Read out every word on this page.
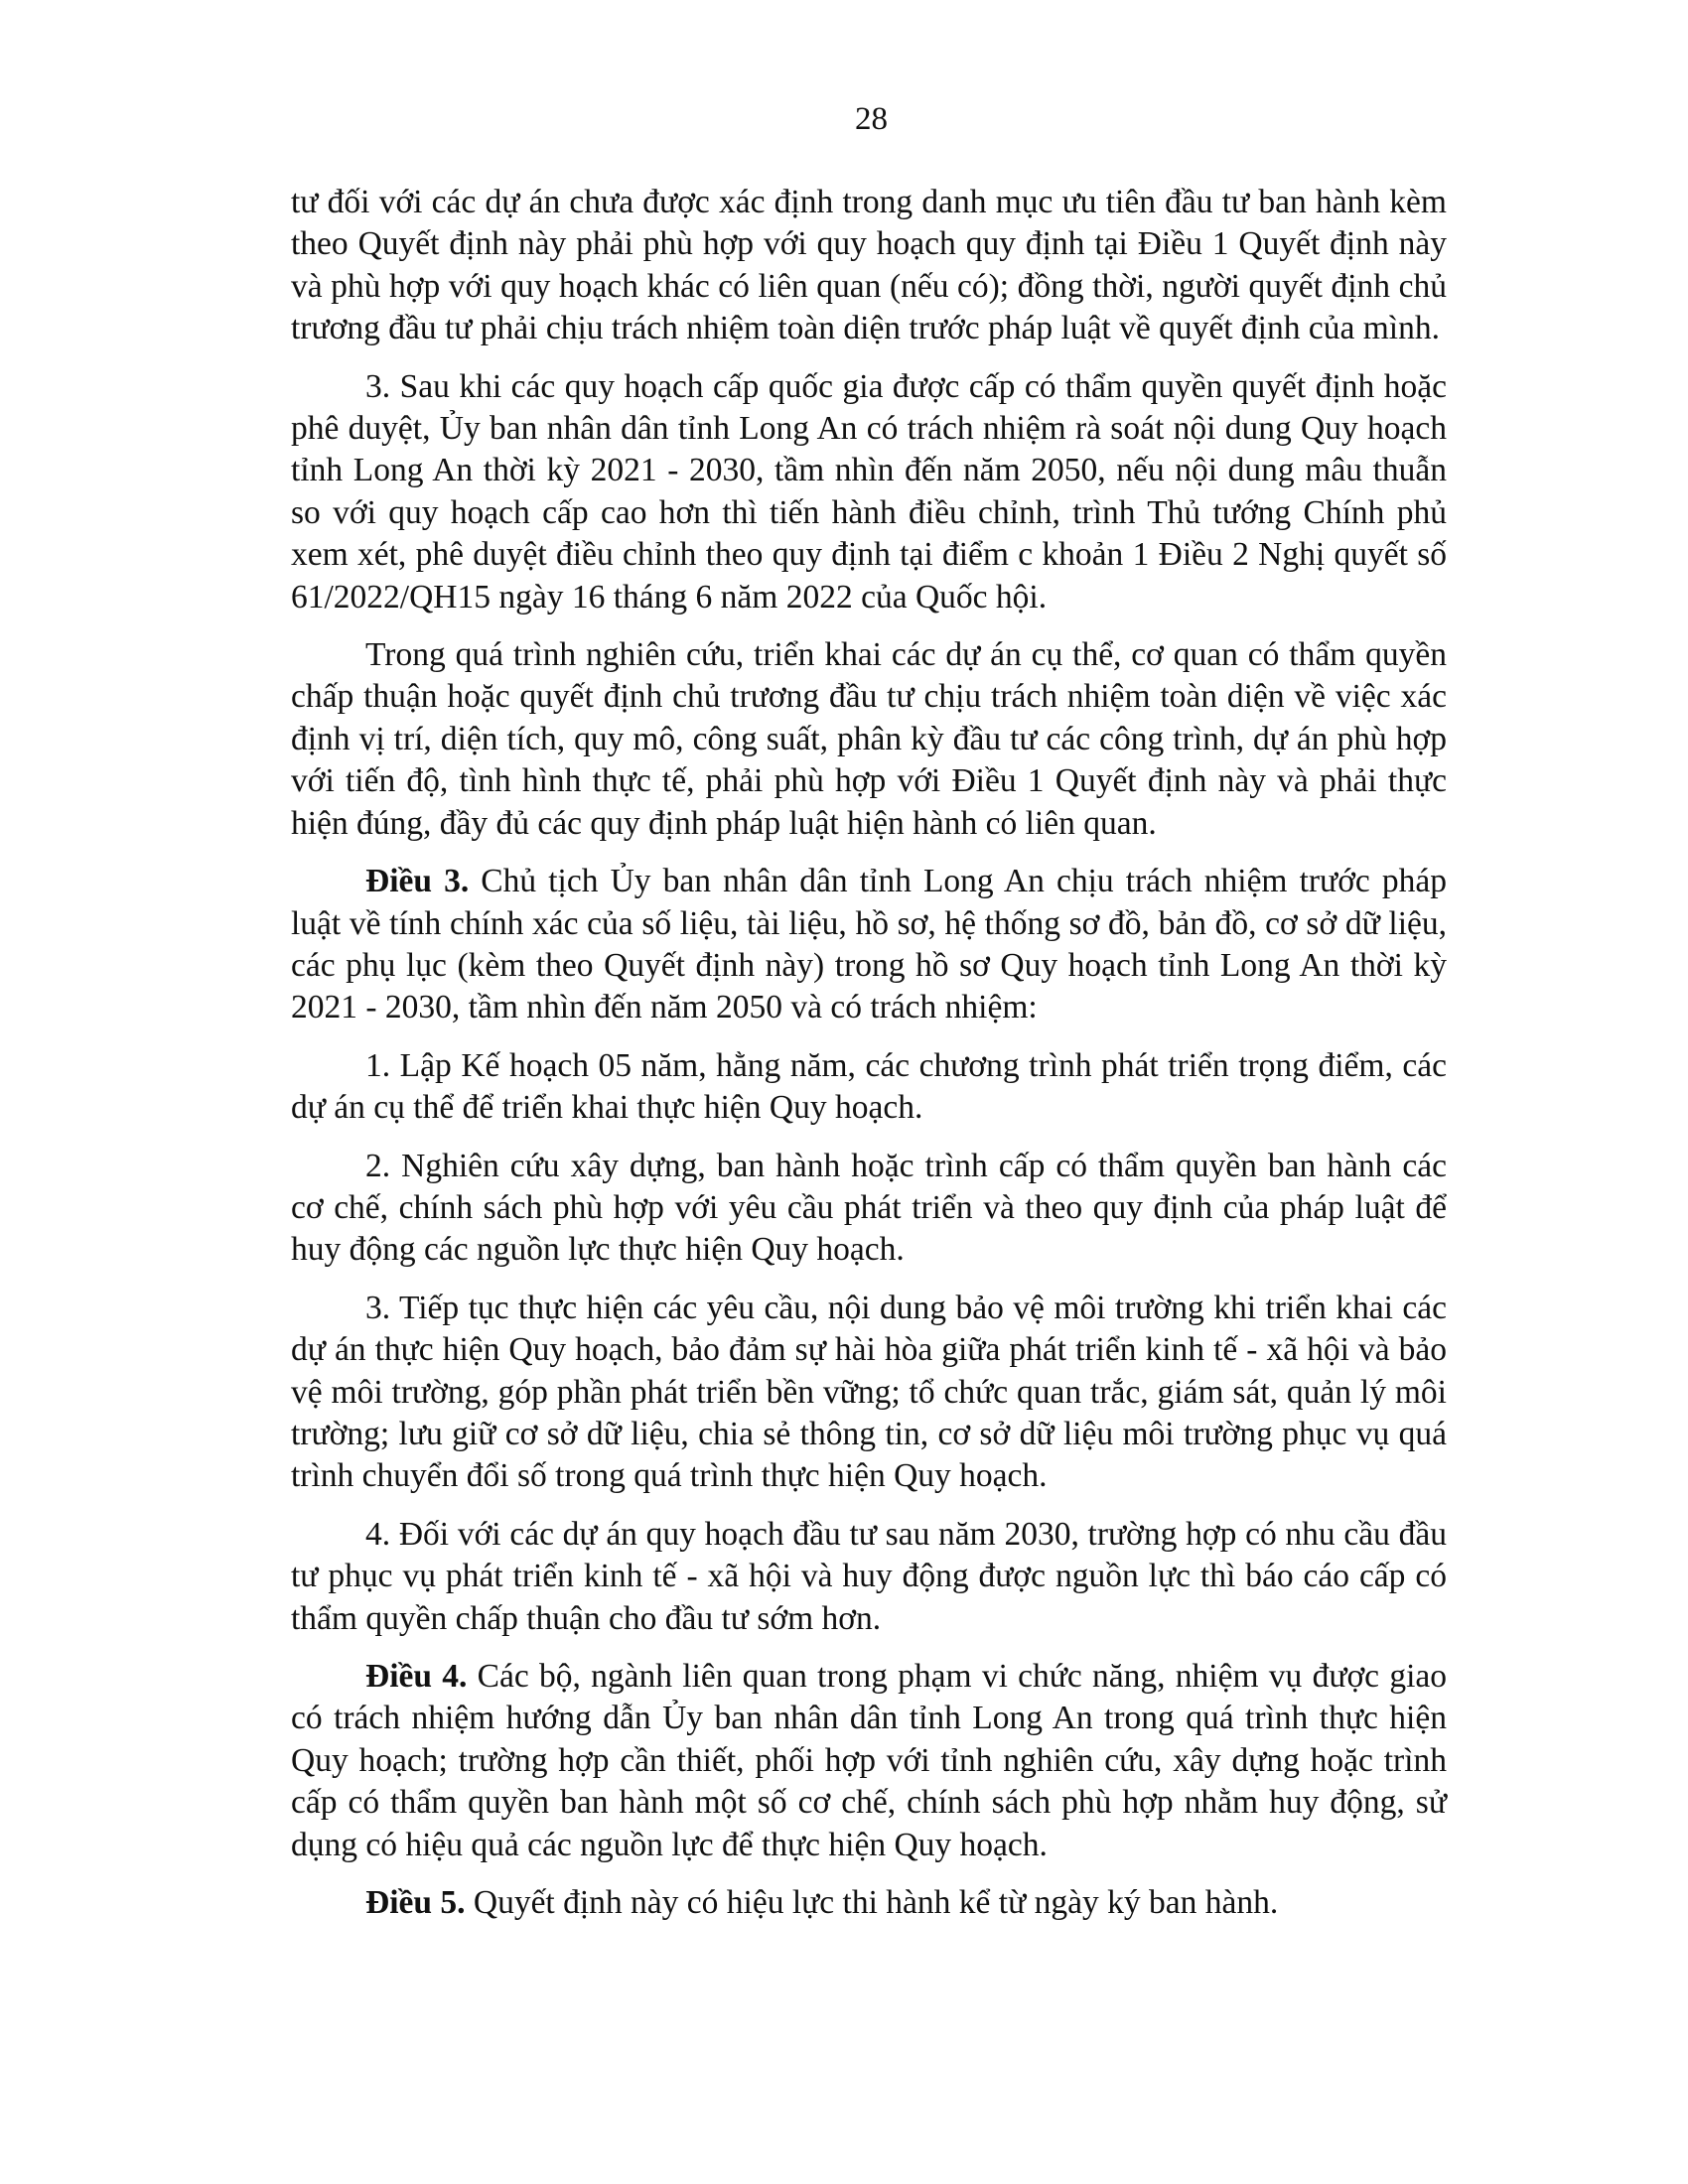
28

tư đối với các dự án chưa được xác định trong danh mục ưu tiên đầu tư ban hành kèm theo Quyết định này phải phù hợp với quy hoạch quy định tại Điều 1 Quyết định này và phù hợp với quy hoạch khác có liên quan (nếu có); đồng thời, người quyết định chủ trương đầu tư phải chịu trách nhiệm toàn diện trước pháp luật về quyết định của mình.

3. Sau khi các quy hoạch cấp quốc gia được cấp có thẩm quyền quyết định hoặc phê duyệt, Ủy ban nhân dân tỉnh Long An có trách nhiệm rà soát nội dung Quy hoạch tỉnh Long An thời kỳ 2021 - 2030, tầm nhìn đến năm 2050, nếu nội dung mâu thuẫn so với quy hoạch cấp cao hơn thì tiến hành điều chỉnh, trình Thủ tướng Chính phủ xem xét, phê duyệt điều chỉnh theo quy định tại điểm c khoản 1 Điều 2 Nghị quyết số 61/2022/QH15 ngày 16 tháng 6 năm 2022 của Quốc hội.

Trong quá trình nghiên cứu, triển khai các dự án cụ thể, cơ quan có thẩm quyền chấp thuận hoặc quyết định chủ trương đầu tư chịu trách nhiệm toàn diện về việc xác định vị trí, diện tích, quy mô, công suất, phân kỳ đầu tư các công trình, dự án phù hợp với tiến độ, tình hình thực tế, phải phù hợp với Điều 1 Quyết định này và phải thực hiện đúng, đầy đủ các quy định pháp luật hiện hành có liên quan.

Điều 3. Chủ tịch Ủy ban nhân dân tỉnh Long An chịu trách nhiệm trước pháp luật về tính chính xác của số liệu, tài liệu, hồ sơ, hệ thống sơ đồ, bản đồ, cơ sở dữ liệu, các phụ lục (kèm theo Quyết định này) trong hồ sơ Quy hoạch tỉnh Long An thời kỳ 2021 - 2030, tầm nhìn đến năm 2050 và có trách nhiệm:

1. Lập Kế hoạch 05 năm, hằng năm, các chương trình phát triển trọng điểm, các dự án cụ thể để triển khai thực hiện Quy hoạch.

2. Nghiên cứu xây dựng, ban hành hoặc trình cấp có thẩm quyền ban hành các cơ chế, chính sách phù hợp với yêu cầu phát triển và theo quy định của pháp luật để huy động các nguồn lực thực hiện Quy hoạch.

3. Tiếp tục thực hiện các yêu cầu, nội dung bảo vệ môi trường khi triển khai các dự án thực hiện Quy hoạch, bảo đảm sự hài hòa giữa phát triển kinh tế - xã hội và bảo vệ môi trường, góp phần phát triển bền vững; tổ chức quan trắc, giám sát, quản lý môi trường; lưu giữ cơ sở dữ liệu, chia sẻ thông tin, cơ sở dữ liệu môi trường phục vụ quá trình chuyển đổi số trong quá trình thực hiện Quy hoạch.

4. Đối với các dự án quy hoạch đầu tư sau năm 2030, trường hợp có nhu cầu đầu tư phục vụ phát triển kinh tế - xã hội và huy động được nguồn lực thì báo cáo cấp có thẩm quyền chấp thuận cho đầu tư sớm hơn.

Điều 4. Các bộ, ngành liên quan trong phạm vi chức năng, nhiệm vụ được giao có trách nhiệm hướng dẫn Ủy ban nhân dân tỉnh Long An trong quá trình thực hiện Quy hoạch; trường hợp cần thiết, phối hợp với tỉnh nghiên cứu, xây dựng hoặc trình cấp có thẩm quyền ban hành một số cơ chế, chính sách phù hợp nhằm huy động, sử dụng có hiệu quả các nguồn lực để thực hiện Quy hoạch.

Điều 5. Quyết định này có hiệu lực thi hành kể từ ngày ký ban hành.
